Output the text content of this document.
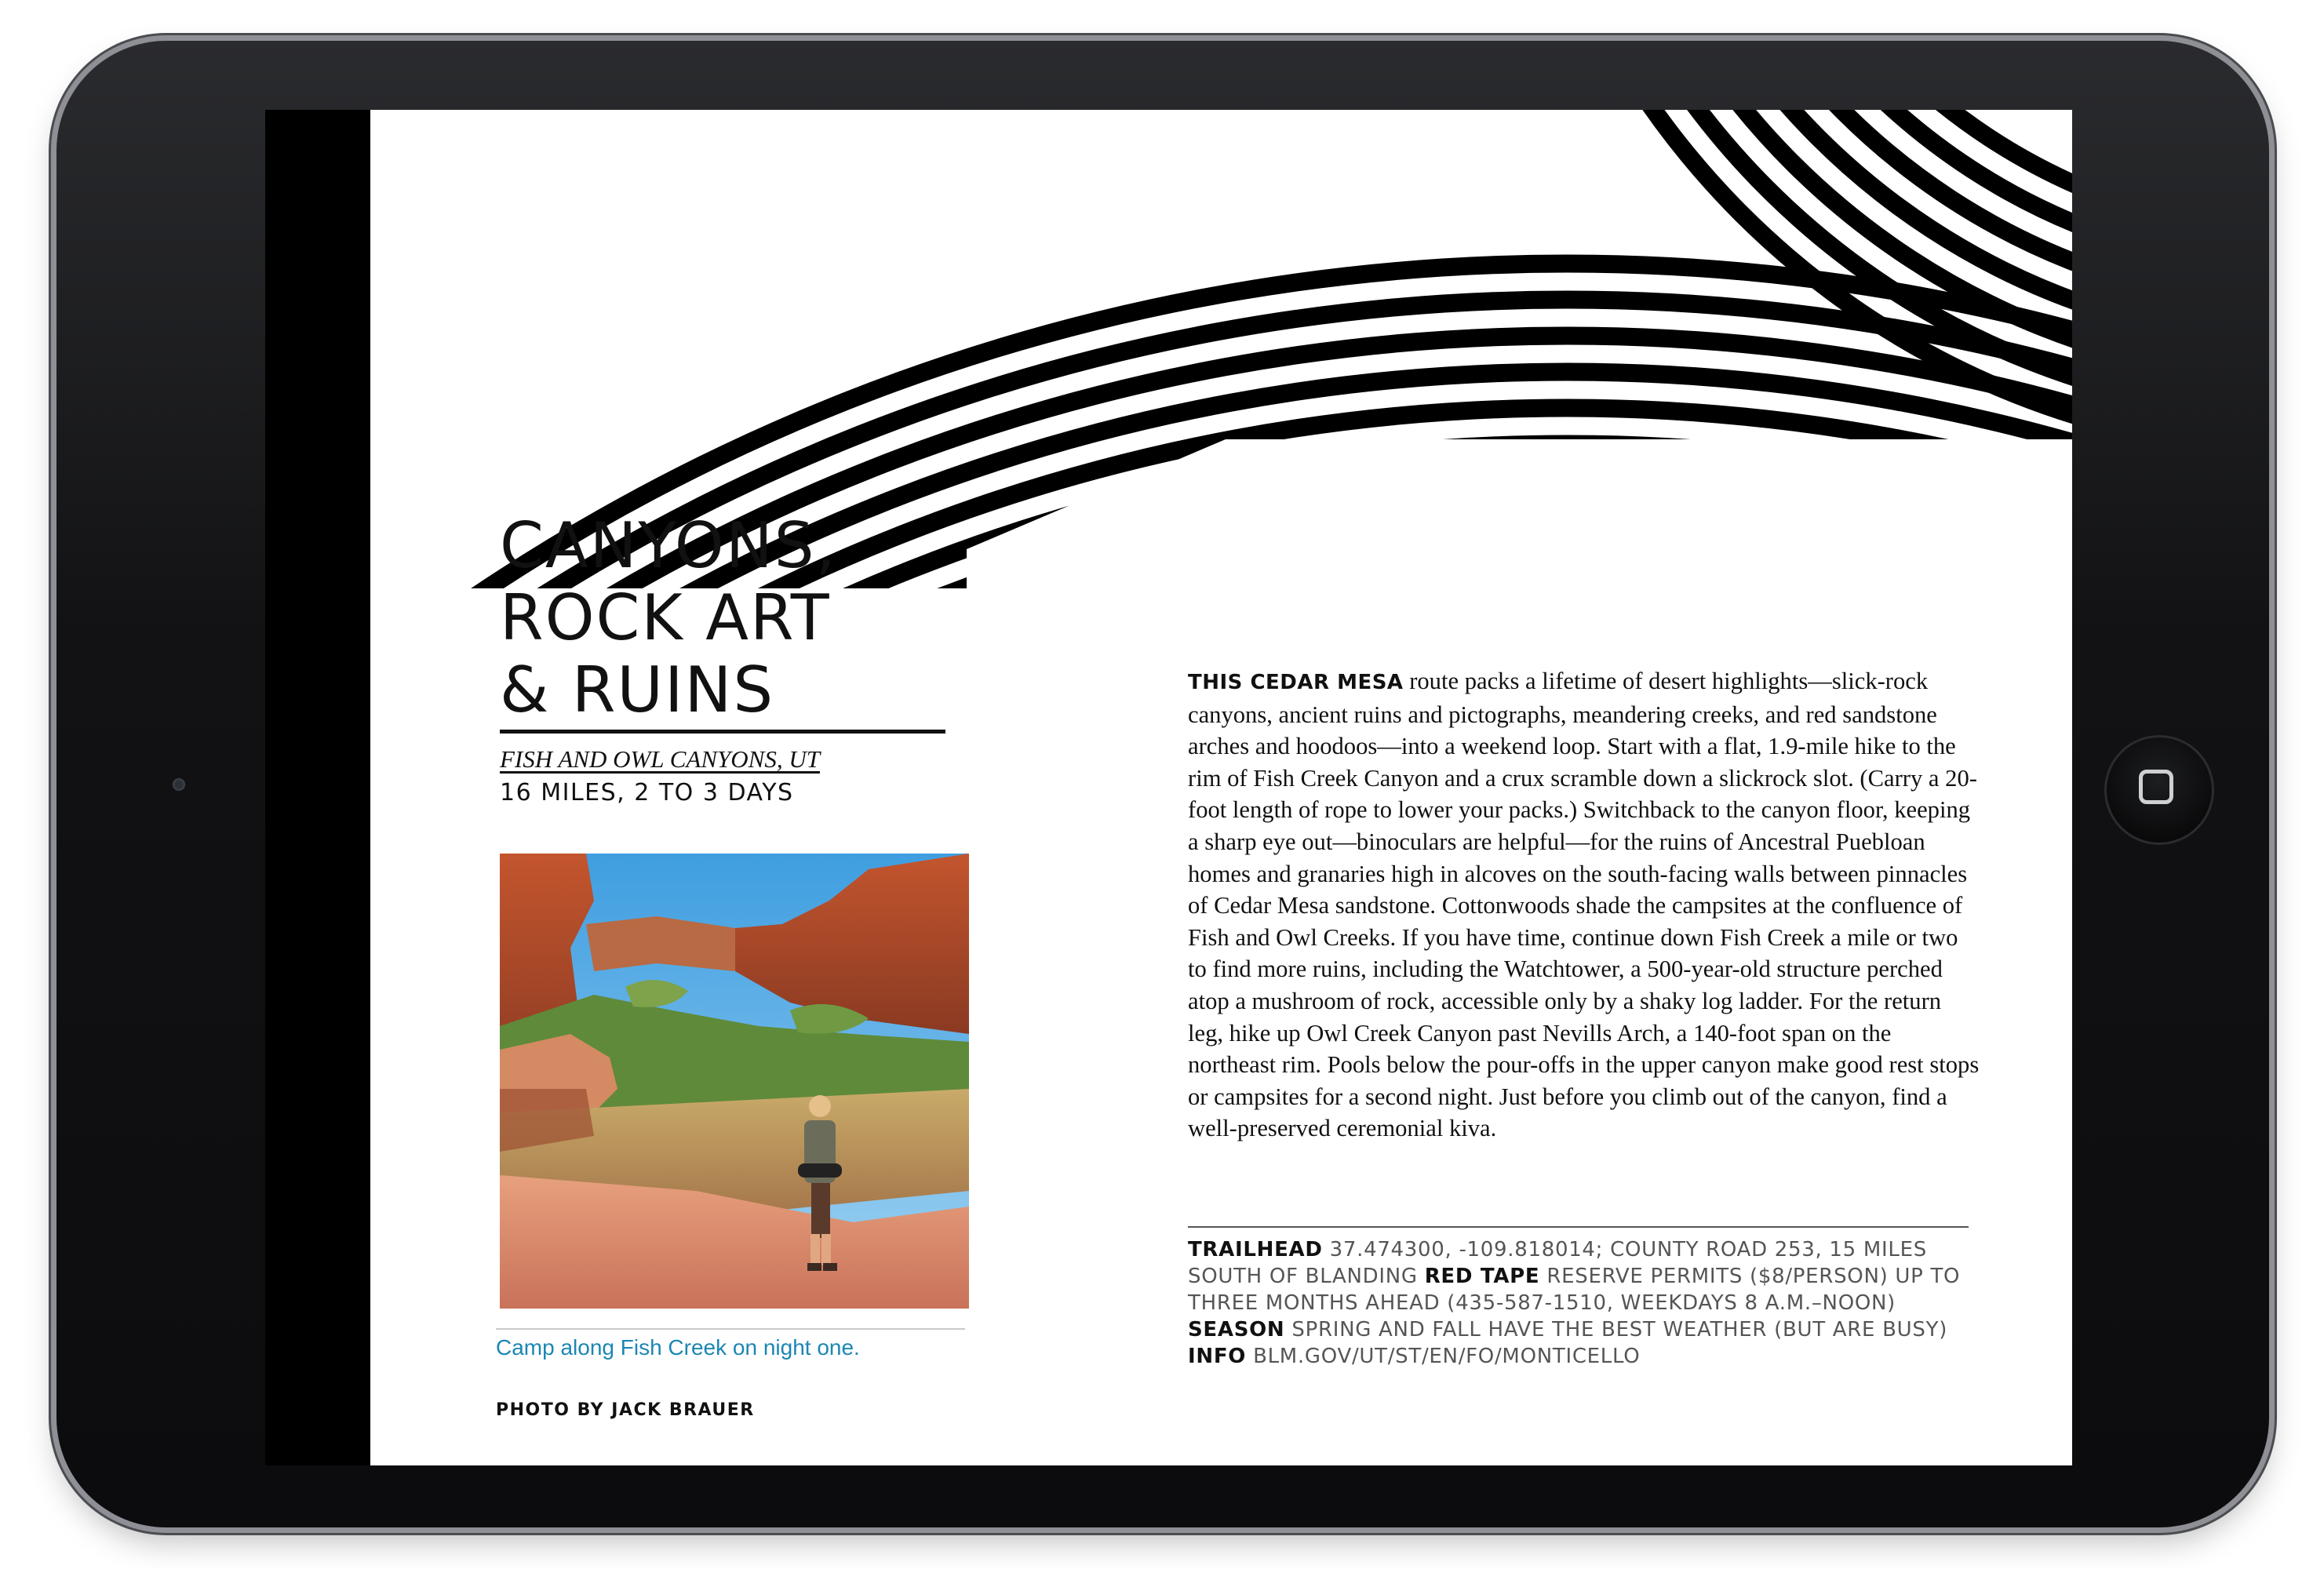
CANYONS,
ROCK ART
& RUINS
FISH AND OWL CANYONS, UT
16 MILES, 2 TO 3 DAYS
Camp along Fish Creek on night one.
PHOTO BY JACK BRAUER

THIS CEDAR MESA route packs a lifetime of desert highlights—slick-rock canyons, ancient ruins and pictographs, meandering creeks, and red sandstone arches and hoodoos—into a weekend loop. Start with a flat, 1.9-mile hike to the rim of Fish Creek Canyon and a crux scramble down a slickrock slot. (Carry a 20-foot length of rope to lower your packs.) Switchback to the canyon floor, keeping a sharp eye out—binoculars are helpful—for the ruins of Ancestral Puebloan homes and granaries high in alcoves on the south-facing walls between pinnacles of Cedar Mesa sandstone. Cottonwoods shade the campsites at the confluence of Fish and Owl Creeks. If you have time, continue down Fish Creek a mile or two to find more ruins, including the Watchtower, a 500-year-old structure perched atop a mushroom of rock, accessible only by a shaky log ladder. For the return leg, hike up Owl Creek Canyon past Nevills Arch, a 140-foot span on the northeast rim. Pools below the pour-offs in the upper canyon make good rest stops or campsites for a second night. Just before you climb out of the canyon, find a well-preserved ceremonial kiva.

TRAILHEAD 37.474300, -109.818014; COUNTY ROAD 253, 15 MILES SOUTH OF BLANDING RED TAPE RESERVE PERMITS ($8/PERSON) UP TO THREE MONTHS AHEAD (435-587-1510, WEEKDAYS 8 A.M.–NOON) SEASON SPRING AND FALL HAVE THE BEST WEATHER (BUT ARE BUSY) INFO BLM.GOV/UT/ST/EN/FO/MONTICELLO
